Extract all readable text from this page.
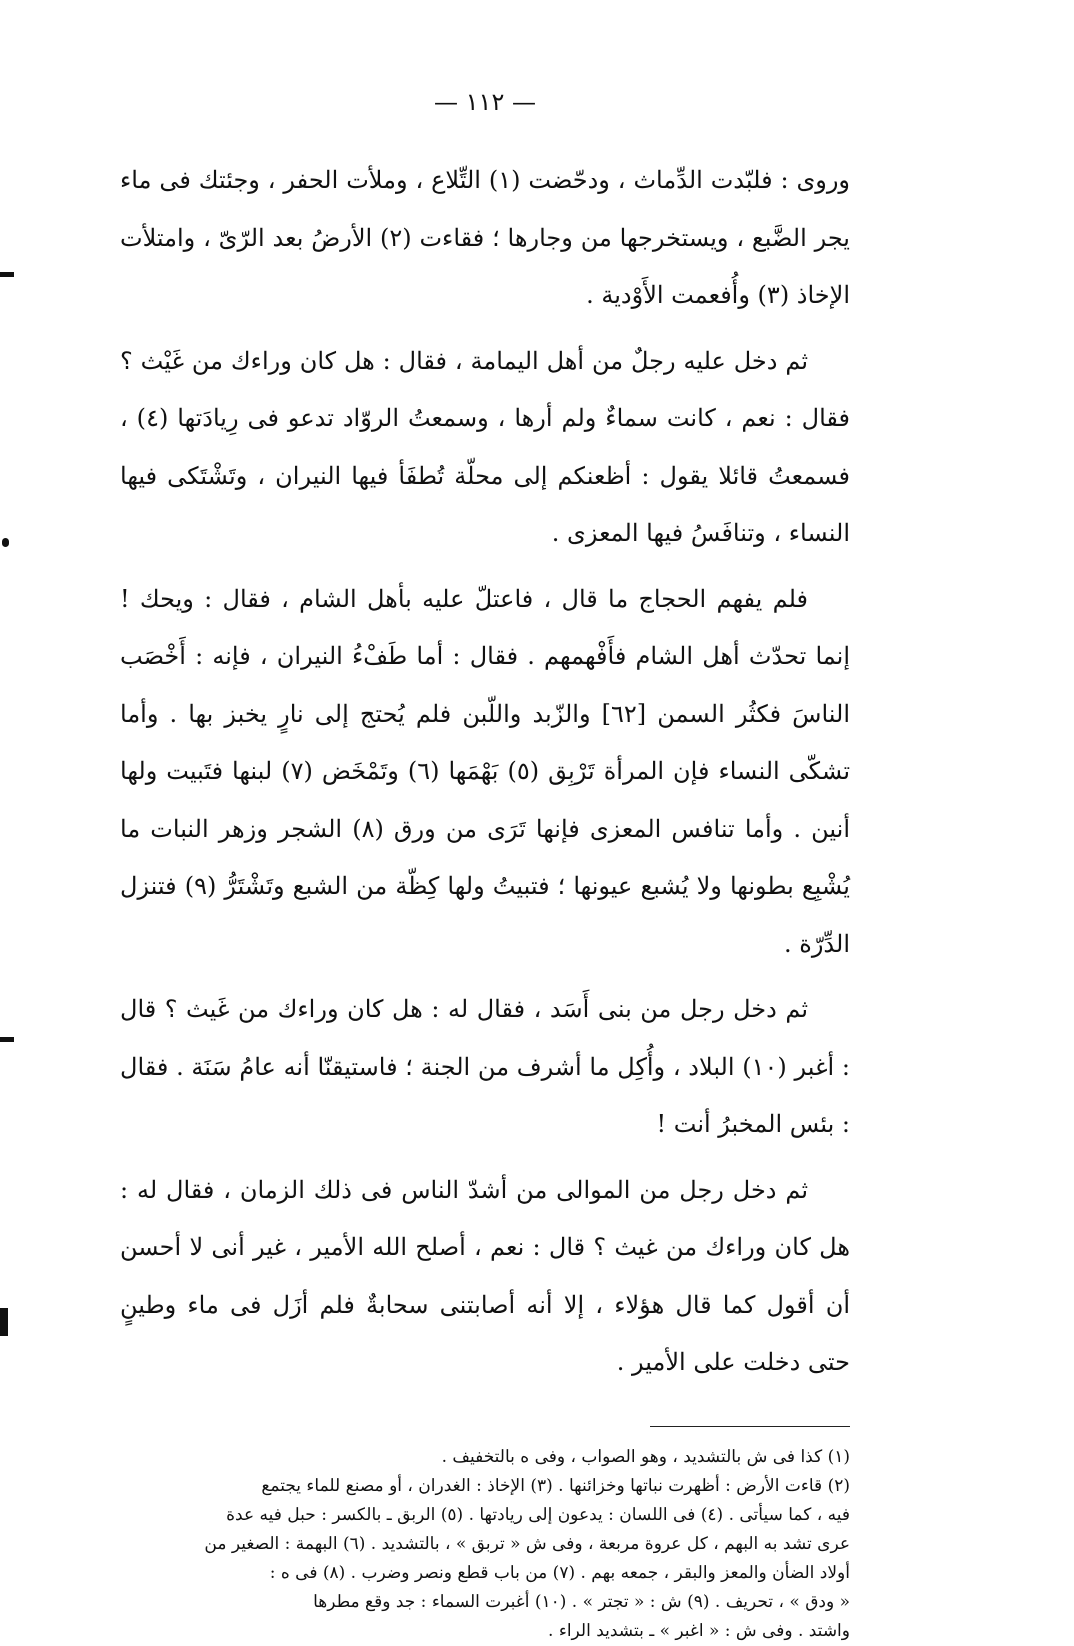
— ١١٢ —

وروى : فلبّدت الدِّماث ، ودحّضت (١) التِّلاع ، وملأت الحفر ، وجئتك فى ماء يجر الضَّبع ، ويستخرجها من وجارها ؛ فقاءت (٢) الأرضُ بعد الرّىّ ، وامتلأت الإخاذ (٣) وأُفعمت الأَوْدية .

ثم دخل عليه رجلٌ من أهل اليمامة ، فقال : هل كان وراءك من غَيْث ؟ فقال : نعم ، كانت سماءٌ ولم أرها ، وسمعتُ الروّاد تدعو فى رِيادَتها (٤) ، فسمعتُ قائلا يقول : أظعنكم إلى محلّة تُطفَأ فيها النيران ، وتَشْتَكى فيها النساء ، وتنافَسُ فيها المعزى .

فلم يفهم الحجاج ما قال ، فاعتلّ عليه بأهل الشام ، فقال : ويحك ! إنما تحدّث أهل الشام فأَفْهمهم . فقال : أما طَفْءُ النيران ، فإنه : أَخْصَب الناسَ فكثُر السمن [٦٢] والزّبد واللّبن فلم يُحتج إلى نارٍ يخبز بها . وأما تشكّى النساء فإن المرأة تَرْبِق (٥) بَهْمَها (٦) وتَمْخَض (٧) لبنها فتَبيت ولها أنين . وأما تنافس المعزى فإنها تَرَى من ورق (٨) الشجر وزهر النبات ما يُشْبِع بطونها ولا يُشبع عيونها ؛ فتبيتُ ولها كِظّة من الشبع وتَشْتَرُّ (٩) فتنزل الدِّرّة .

ثم دخل رجل من بنى أَسَد ، فقال له : هل كان وراءك من غَيث ؟ قال : أغبر (١٠) البلاد ، وأُكِل ما أشرف من الجنة ؛ فاستيقنّا أنه عامُ سَنَة . فقال : بئس المخبرُ أنت !

ثم دخل رجل من الموالى من أشدّ الناس فى ذلك الزمان ، فقال له : هل كان وراءك من غيث ؟ قال : نعم ، أصلح الله الأمير ، غير أنى لا أحسن أن أقول كما قال هؤلاء ، إلا أنه أصابتنى سحابةٌ فلم أزَل فى ماء وطينٍ حتى دخلت على الأمير .

(١) كذا فى ش بالتشديد ، وهو الصواب ، وفى ه بالتخفيف .

(٢) قاءت الأرض : أظهرت نباتها وخزائنها . (٣) الإخاذ : الغدران ، أو مصنع للماء يجتمع

فيه ، كما سيأتى . (٤) فى اللسان : يدعون إلى ريادتها . (٥) الربق ـ بالكسر : حبل فيه عدة

عرى تشد به البهم ، كل عروة مربعة ، وفى ش « تربق » ، بالتشديد . (٦) البهمة : الصغير من

أولاد الضأن والمعز والبقر ، جمعه بهم . (٧) من باب قطع ونصر وضرب . (٨) فى ه :

« ودق » ، تحريف . (٩) ش : « تجتر » . (١٠) أغبرت السماء : جد وقع مطرها

واشتد . وفى ش : « اغبر » ـ بتشديد الراء .
